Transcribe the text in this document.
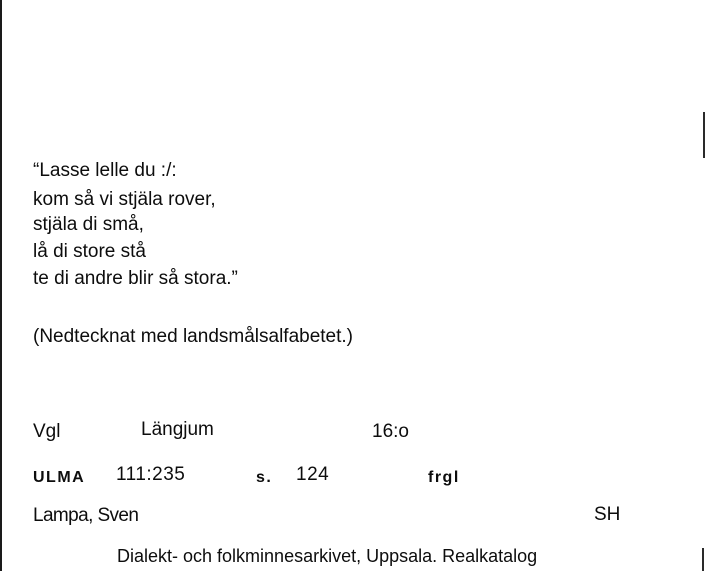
“Lasse lelle du :/:
kom så vi stjäla rover,
stjäla di små,
lå di store stå
te di andre blir så stora.”
(Nedtecknat med landsmålsalfabetet.)
Vgl	Längjum	16:o
ULMA 111:235	s. 124	frgl
Lampa, Sven	SH
Dialekt- och folkminnesarkivet, Uppsala. Realkatalog
